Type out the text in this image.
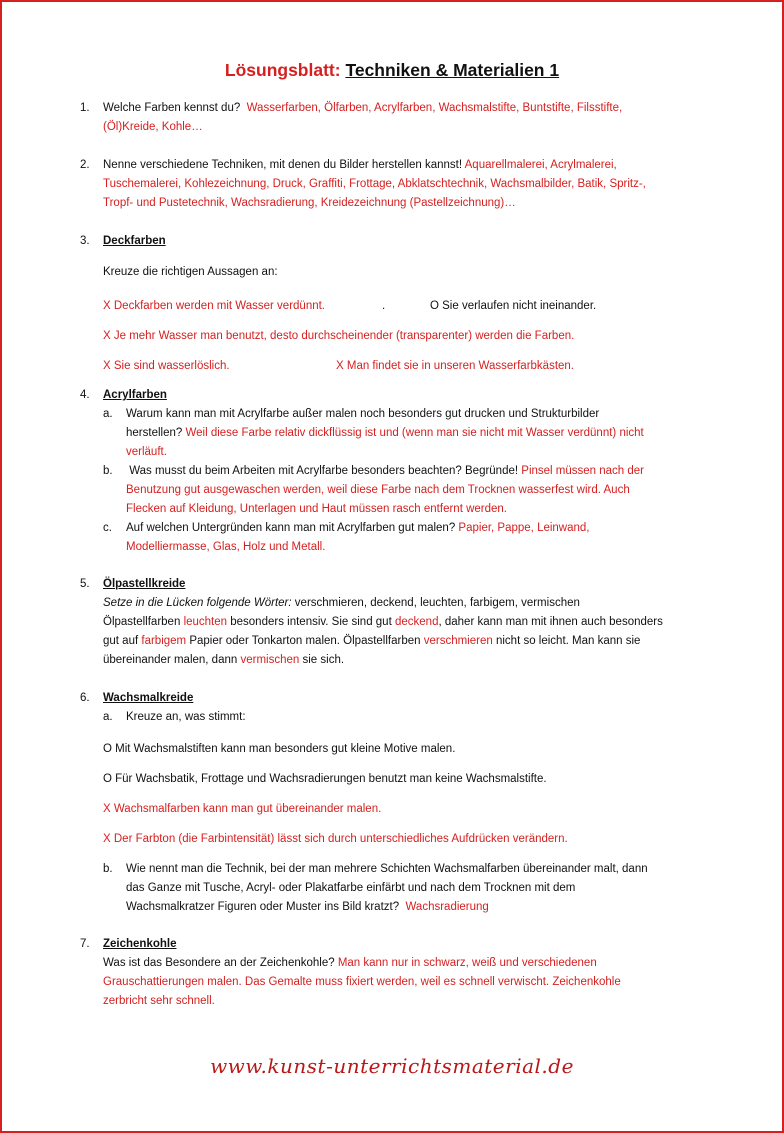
Lösungsblatt: Techniken & Materialien 1
1. Welche Farben kennst du? Wasserfarben, Ölfarben, Acrylfarben, Wachsmalstifte, Buntstifte, Filsstifte,
(Öl)Kreide, Kohle…
2. Nenne verschiedene Techniken, mit denen du Bilder herstellen kannst! Aquarellmalerei, Acrylmalerei,
Tuschemalerei, Kohlezeichnung, Druck, Graffiti, Frottage, Abklatschtechnik, Wachsmalbilder, Batik, Spritz-,
Tropf- und Pustetechnik, Wachsradierung, Kreidezeichnung (Pastellzeichnung)…
3. Deckfarben
Kreuze die richtigen Aussagen an:
X Deckfarben werden mit Wasser verdünnt.	.	O Sie verlaufen nicht ineinander.
X Je mehr Wasser man benutzt, desto durchscheinender (transparenter) werden die Farben.
X Sie sind wasserlöslich.	X Man findet sie in unseren Wasserfarbkästen.
4. Acrylfarben
a. Warum kann man mit Acrylfarbe außer malen noch besonders gut drucken und Strukturbilder
herstellen? Weil diese Farbe relativ dickflüssig ist und (wenn man sie nicht mit Wasser verdünnt) nicht
verläuft.
b. Was musst du beim Arbeiten mit Acrylfarbe besonders beachten? Begründe! Pinsel müssen nach der
Benutzung gut ausgewaschen werden, weil diese Farbe nach dem Trocknen wasserfest wird. Auch
Flecken auf Kleidung, Unterlagen und Haut müssen rasch entfernt werden.
c. Auf welchen Untergründen kann man mit Acrylfarben gut malen? Papier, Pappe, Leinwand,
Modelliermasse, Glas, Holz und Metall.
5. Ölpastellkreide
Setze in die Lücken folgende Wörter: verschmieren, deckend, leuchten, farbigem, vermischen
Ölpastellfarben leuchten besonders intensiv. Sie sind gut deckend, daher kann man mit ihnen auch besonders
gut auf farbigem Papier oder Tonkarton malen. Ölpastellfarben verschmieren nicht so leicht. Man kann sie
übereinander malen, dann vermischen sie sich.
6. Wachsmalkreide
a. Kreuze an, was stimmt:
O Mit Wachsmalstiften kann man besonders gut kleine Motive malen.
O Für Wachsbatik, Frottage und Wachsradierungen benutzt man keine Wachsmalstifte.
X Wachsmalfarben kann man gut übereinander malen.
X Der Farbton (die Farbintensität) lässt sich durch unterschiedliches Aufdrücken verändern.
b. Wie nennt man die Technik, bei der man mehrere Schichten Wachsmalfarben übereinander malt, dann
das Ganze mit Tusche, Acryl- oder Plakatfarbe einfärbt und nach dem Trocknen mit dem
Wachsmalkratzer Figuren oder Muster ins Bild kratzt? Wachsradierung
7. Zeichenkohle
Was ist das Besondere an der Zeichenkohle? Man kann nur in schwarz, weiß und verschiedenen
Grauschattierungen malen. Das Gemalte muss fixiert werden, weil es schnell verwischt. Zeichenkohle
zerbricht sehr schnell.
www.kunst-unterrichtsmaterial.de
